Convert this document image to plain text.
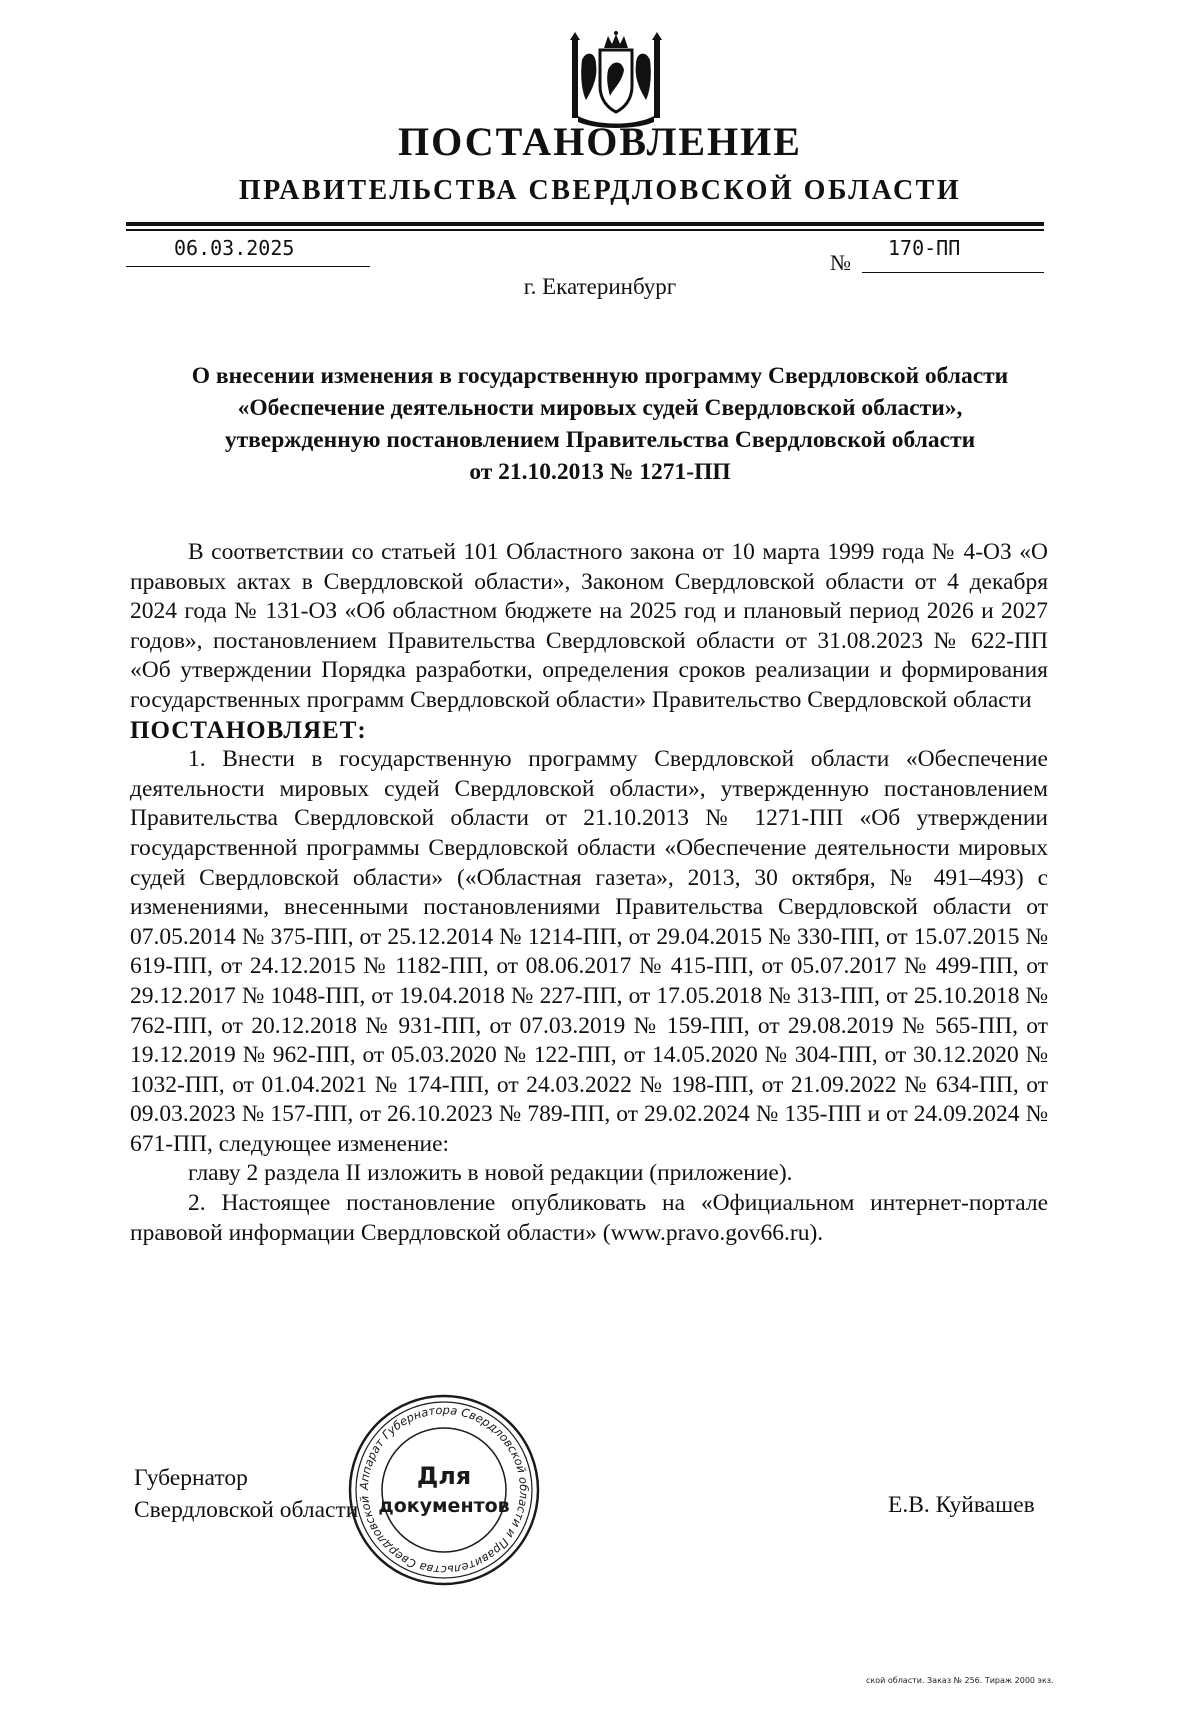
ПОСТАНОВЛЕНИЕ
ПРАВИТЕЛЬСТВА СВЕРДЛОВСКОЙ ОБЛАСТИ
06.03.2025
№
170-ПП
г. Екатеринбург
О внесении изменения в государственную программу Свердловской области
«Обеспечение деятельности мировых судей Свердловской области»,
утвержденную постановлением Правительства Свердловской области
от 21.10.2013 № 1271-ПП

В соответствии со статьей 101 Областного закона от 10 марта 1999 года № 4-ОЗ «О правовых актах в Свердловской области», Законом Свердловской области от 4 декабря 2024 года № 131-ОЗ «Об областном бюджете на 2025 год и плановый период 2026 и 2027 годов», постановлением Правительства Свердловской области от 31.08.2023 № 622-ПП «Об утверждении Порядка разработки, определения сроков реализации и формирования государственных программ Свердловской области» Правительство Свердловской области

ПОСТАНОВЛЯЕТ:

1. Внести в государственную программу Свердловской области «Обеспечение деятельности мировых судей Свердловской области», утвержденную постановлением Правительства Свердловской области от 21.10.2013 № 1271-ПП «Об утверждении государственной программы Свердловской области «Обеспечение деятельности мировых судей Свердловской области» («Областная газета», 2013, 30 октября, № 491–493) с изменениями, внесенными постановлениями Правительства Свердловской области от 07.05.2014 № 375-ПП, от 25.12.2014 № 1214-ПП, от 29.04.2015 № 330-ПП, от 15.07.2015 № 619-ПП, от 24.12.2015 № 1182-ПП, от 08.06.2017 № 415-ПП, от 05.07.2017 № 499-ПП, от 29.12.2017 № 1048-ПП, от 19.04.2018 № 227-ПП, от 17.05.2018 № 313-ПП, от 25.10.2018 № 762-ПП, от 20.12.2018 № 931-ПП, от 07.03.2019 № 159-ПП, от 29.08.2019 № 565-ПП, от 19.12.2019 № 962-ПП, от 05.03.2020 № 122-ПП, от 14.05.2020 № 304-ПП, от 30.12.2020 № 1032-ПП, от 01.04.2021 № 174-ПП, от 24.03.2022 № 198-ПП, от 21.09.2022 № 634-ПП, от 09.03.2023 № 157-ПП, от 26.10.2023 № 789-ПП, от 29.02.2024 № 135-ПП и от 24.09.2024 № 671-ПП, следующее изменение:

главу 2 раздела II изложить в новой редакции (приложение).

2. Настоящее постановление опубликовать на «Официальном интернет-портале правовой информации Свердловской области» (www.pravo.gov66.ru).

Губернатор
Свердловской области	Е.В. Куйвашев
Аппарат Губернатора Свердловской области и Правительства Свердловской
Для
документов
ской области. Заказ № 256. Тираж 2000 экз.
